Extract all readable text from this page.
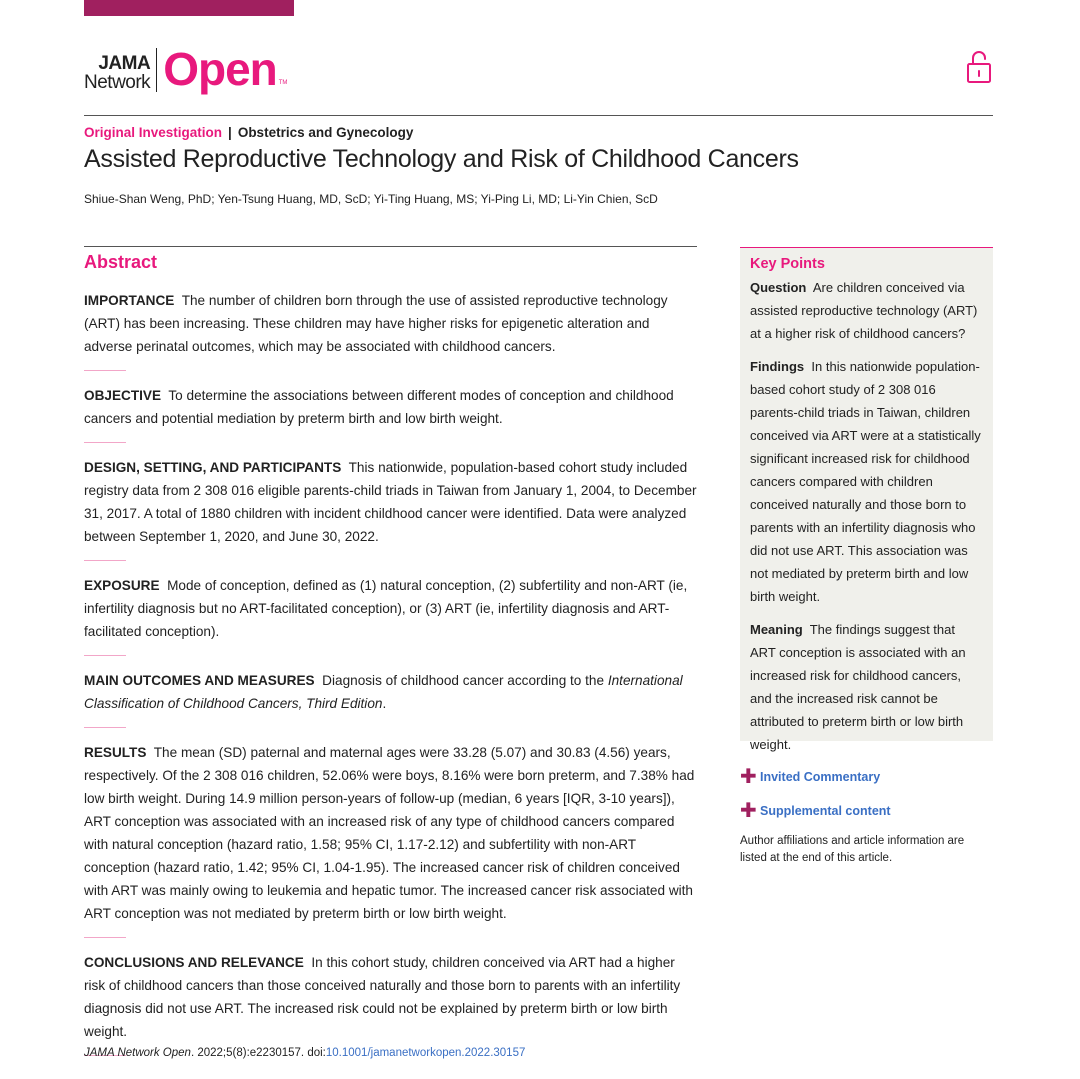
JAMA
Network Open TM
Original Investigation | Obstetrics and Gynecology
Assisted Reproductive Technology and Risk of Childhood Cancers
Shiue-Shan Weng, PhD; Yen-Tsung Huang, MD, ScD; Yi-Ting Huang, MS; Yi-Ping Li, MD; Li-Yin Chien, ScD
Abstract
IMPORTANCE The number of children born through the use of assisted reproductive technology (ART) has been increasing. These children may have higher risks for epigenetic alteration and adverse perinatal outcomes, which may be associated with childhood cancers.
OBJECTIVE To determine the associations between different modes of conception and childhood cancers and potential mediation by preterm birth and low birth weight.
DESIGN, SETTING, AND PARTICIPANTS This nationwide, population-based cohort study included registry data from 2 308 016 eligible parents-child triads in Taiwan from January 1, 2004, to December 31, 2017. A total of 1880 children with incident childhood cancer were identified. Data were analyzed between September 1, 2020, and June 30, 2022.
EXPOSURE Mode of conception, defined as (1) natural conception, (2) subfertility and non-ART (ie, infertility diagnosis but no ART-facilitated conception), or (3) ART (ie, infertility diagnosis and ART-facilitated conception).
MAIN OUTCOMES AND MEASURES Diagnosis of childhood cancer according to the International Classification of Childhood Cancers, Third Edition.
RESULTS The mean (SD) paternal and maternal ages were 33.28 (5.07) and 30.83 (4.56) years, respectively. Of the 2 308 016 children, 52.06% were boys, 8.16% were born preterm, and 7.38% had low birth weight. During 14.9 million person-years of follow-up (median, 6 years [IQR, 3-10 years]), ART conception was associated with an increased risk of any type of childhood cancers compared with natural conception (hazard ratio, 1.58; 95% CI, 1.17-2.12) and subfertility with non-ART conception (hazard ratio, 1.42; 95% CI, 1.04-1.95). The increased cancer risk of children conceived with ART was mainly owing to leukemia and hepatic tumor. The increased cancer risk associated with ART conception was not mediated by preterm birth or low birth weight.
CONCLUSIONS AND RELEVANCE In this cohort study, children conceived via ART had a higher risk of childhood cancers than those conceived naturally and those born to parents with an infertility diagnosis did not use ART. The increased risk could not be explained by preterm birth or low birth weight.
Key Points
Question Are children conceived via assisted reproductive technology (ART) at a higher risk of childhood cancers?
Findings In this nationwide population-based cohort study of 2 308 016 parents-child triads in Taiwan, children conceived via ART were at a statistically significant increased risk for childhood cancers compared with children conceived naturally and those born to parents with an infertility diagnosis who did not use ART. This association was not mediated by preterm birth and low birth weight.
Meaning The findings suggest that ART conception is associated with an increased risk for childhood cancers, and the increased risk cannot be attributed to preterm birth or low birth weight.
✚ Invited Commentary
✚ Supplemental content
Author affiliations and article information are listed at the end of this article.
JAMA Network Open. 2022;5(8):e2230157. doi:10.1001/jamanetworkopen.2022.30157
